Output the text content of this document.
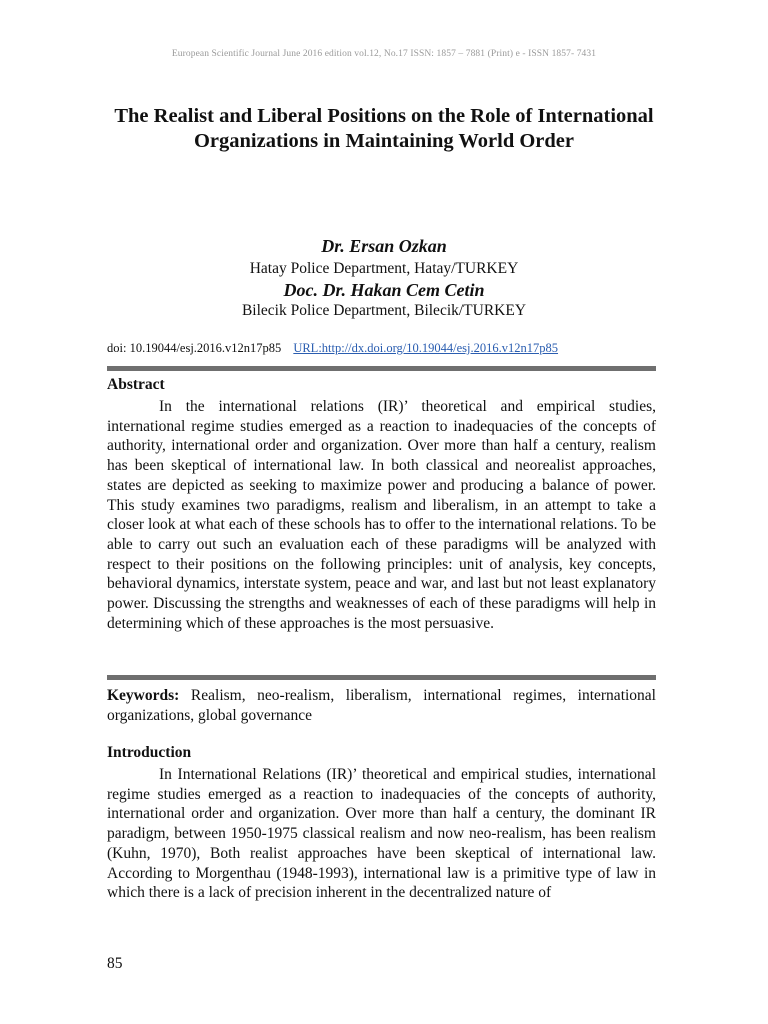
European Scientific Journal June 2016 edition vol.12, No.17 ISSN: 1857 – 7881 (Print) e - ISSN 1857- 7431
The Realist and Liberal Positions on the Role of International Organizations in Maintaining World Order
Dr. Ersan Ozkan
Hatay Police Department, Hatay/TURKEY
Doc. Dr. Hakan Cem Cetin
Bilecik Police Department, Bilecik/TURKEY
doi: 10.19044/esj.2016.v12n17p85 URL:http://dx.doi.org/10.19044/esj.2016.v12n17p85
Abstract

In the international relations (IR)’ theoretical and empirical studies, international regime studies emerged as a reaction to inadequacies of the concepts of authority, international order and organization. Over more than half a century, realism has been skeptical of international law. In both classical and neorealist approaches, states are depicted as seeking to maximize power and producing a balance of power. This study examines two paradigms, realism and liberalism, in an attempt to take a closer look at what each of these schools has to offer to the international relations. To be able to carry out such an evaluation each of these paradigms will be analyzed with respect to their positions on the following principles: unit of analysis, key concepts, behavioral dynamics, interstate system, peace and war, and last but not least explanatory power. Discussing the strengths and weaknesses of each of these paradigms will help in determining which of these approaches is the most persuasive.

Keywords: Realism, neo-realism, liberalism, international regimes, international organizations, global governance

Introduction

In International Relations (IR)’ theoretical and empirical studies, international regime studies emerged as a reaction to inadequacies of the concepts of authority, international order and organization. Over more than half a century, the dominant IR paradigm, between 1950-1975 classical realism and now neo-realism, has been realism (Kuhn, 1970), Both realist approaches have been skeptical of international law. According to Morgenthau (1948-1993), international law is a primitive type of law in which there is a lack of precision inherent in the decentralized nature of

85
